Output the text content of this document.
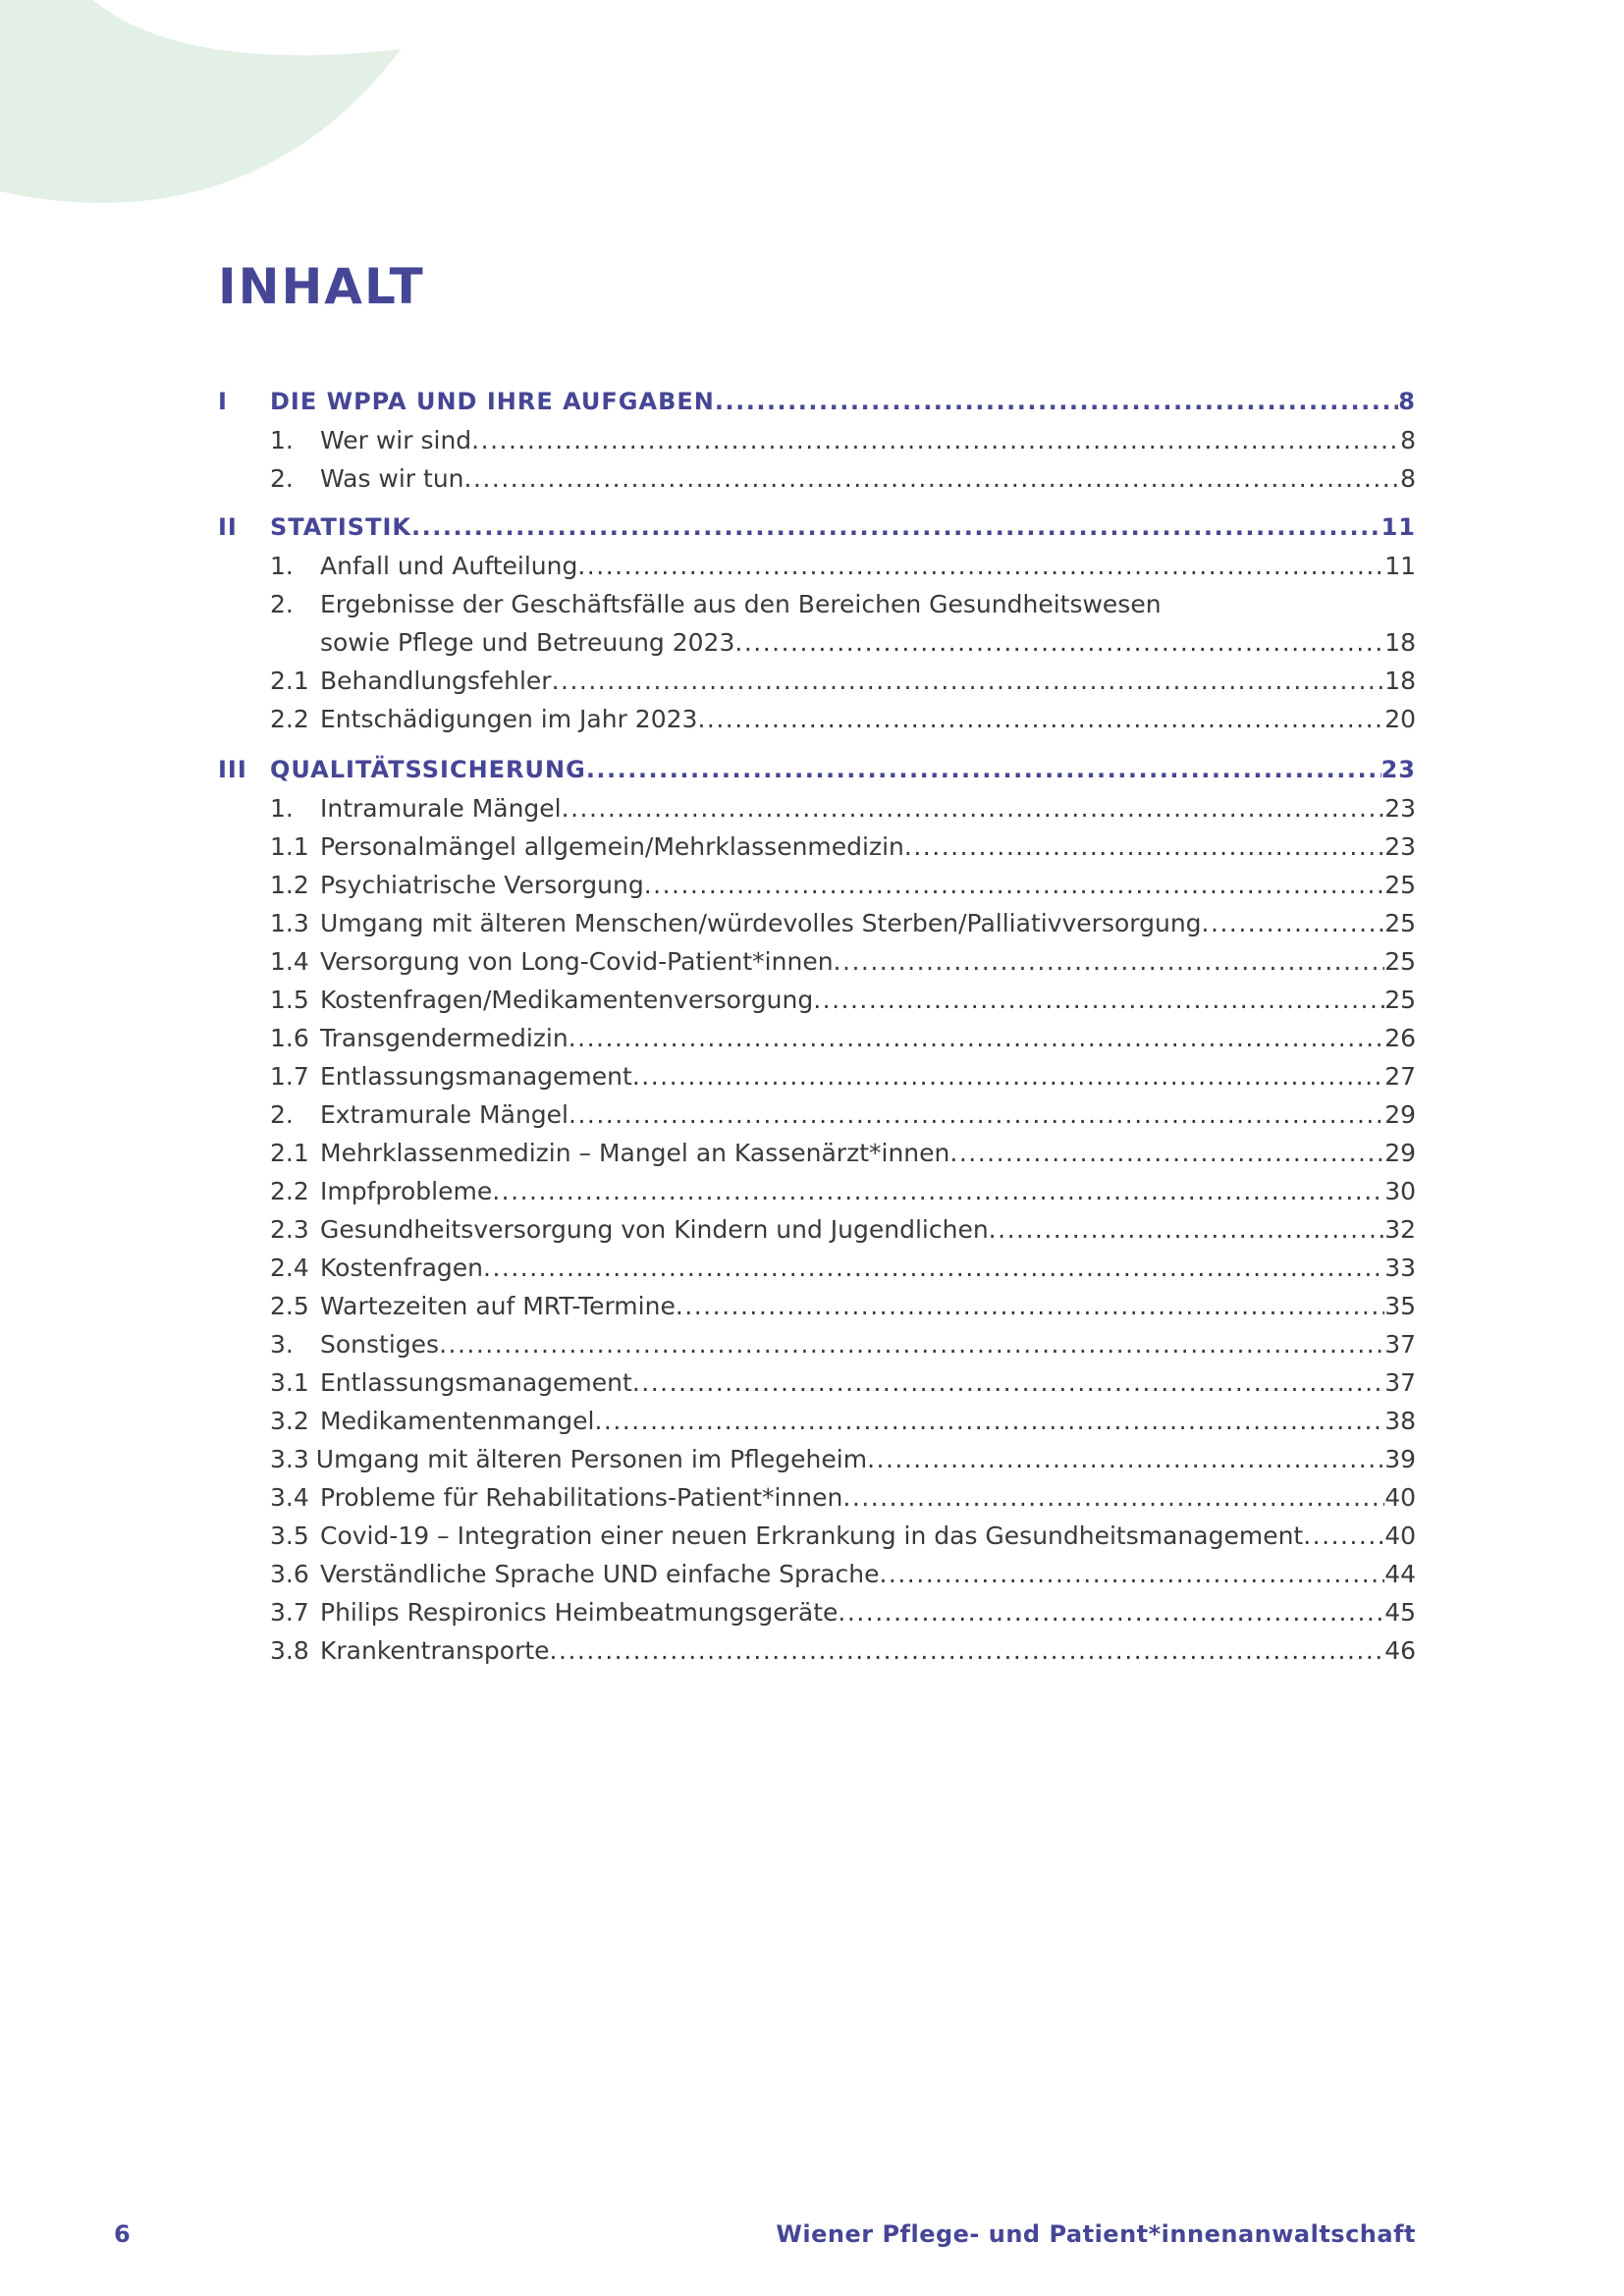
INHALT
I	DIE WPPA UND IHRE AUFGABEN .....	8
1.	Wer wir sind .....	8
2.	Was wir tun .....	8
II	STATISTIK .....	11
1.	Anfall und Aufteilung .....	11
2.	Ergebnisse der Geschäftsfälle aus den Bereichen Gesundheitswesen
sowie Pflege und Betreuung 2023 .....	18
2.1 Behandlungsfehler .....	18
2.2 Entschädigungen im Jahr 2023 .....	20
III QUALITÄTSSICHERUNG .....	23
1.	Intramurale Mängel .....	23
1.1 Personalmängel allgemein/Mehrklassenmedizin .....	23
1.2 Psychiatrische Versorgung .....	25
1.3 Umgang mit älteren Menschen/würdevolles Sterben/Palliativversorgung .....	25
1.4 Versorgung von Long-Covid-Patient*innen .....	25
1.5 Kostenfragen/Medikamentenversorgung .....	25
1.6 Transgendermedizin .....	26
1.7 Entlassungsmanagement .....	27
2.	Extramurale Mängel .....	29
2.1 Mehrklassenmedizin – Mangel an Kassenärzt*innen .....	29
2.2 Impfprobleme .....	30
2.3 Gesundheitsversorgung von Kindern und Jugendlichen .....	32
2.4 Kostenfragen .....	33
2.5 Wartezeiten auf MRT-Termine .....	35
3.	Sonstiges .....	37
3.1 Entlassungsmanagement .....	37
3.2 Medikamentenmangel .....	38
3.3 Umgang mit älteren Personen im Pflegeheim .....	39
3.4 Probleme für Rehabilitations-Patient*innen .....	40
3.5 Covid-19 – Integration einer neuen Erkrankung in das Gesundheitsmanagement .....	40
3.6 Verständliche Sprache UND einfache Sprache .....	44
3.7 Philips Respironics Heimbeatmungsgeräte .....	45
3.8 Krankentransporte .....	46
6	Wiener Pflege- und Patient*innenanwaltschaft
